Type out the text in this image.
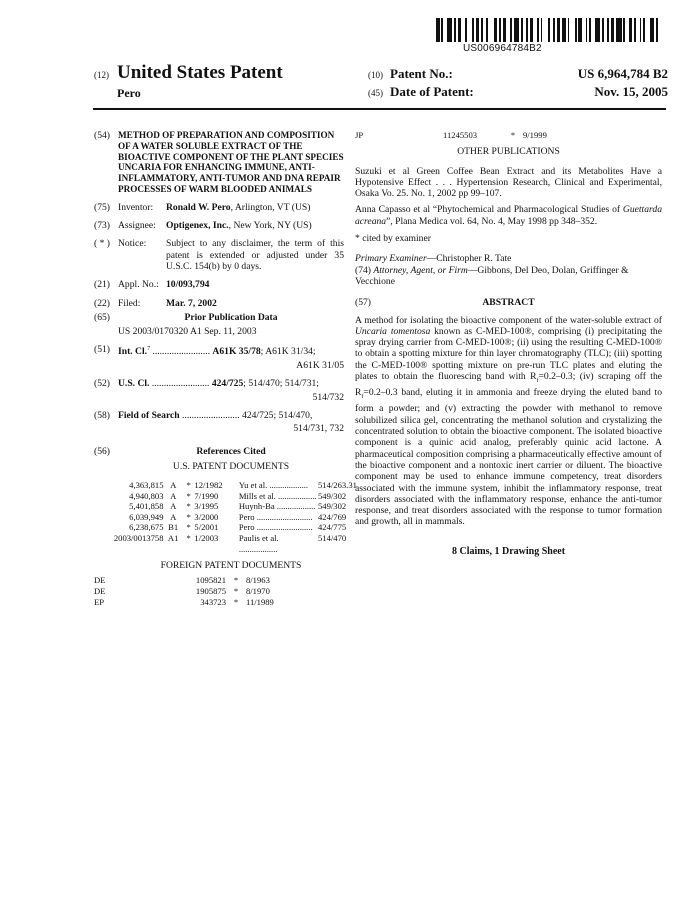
US006964784B2
(12) United States Patent
Pero
(10) Patent No.:	US 6,964,784 B2
(45) Date of Patent:	Nov. 15, 2005
(54) METHOD OF PREPARATION AND COMPOSITION OF A WATER SOLUBLE EXTRACT OF THE BIOACTIVE COMPONENT OF THE PLANT SPECIES UNCARIA FOR ENHANCING IMMUNE, ANTI-INFLAMMATORY, ANTI-TUMOR AND DNA REPAIR PROCESSES OF WARM BLOODED ANIMALS
(75) Inventor:	Ronald W. Pero, Arlington, VT (US)
(73) Assignee:	Optigenex, Inc., New York, NY (US)
( * ) Notice:	Subject to any disclaimer, the term of this patent is extended or adjusted under 35 U.S.C. 154(b) by 0 days.
(21) Appl. No.: 10/093,794
(22) Filed:	Mar. 7, 2002
(65)	Prior Publication Data
US 2003/0170320 A1 Sep. 11, 2003
(51) Int. Cl.$^7$ ........................ A61K 35/78; A61K 31/34;
A61K 31/05
(52) U.S. Cl. ........................ 424/725; 514/470; 514/731;
514/732
(58) Field of Search ........................ 424/725; 514/470,
514/731, 732
(56)	References Cited
U.S. PATENT DOCUMENTS
4,363,815 A	* 12/1982	Yu et al. ..................	514/263.31
4,940,803 A	* 7/1990	Mills et al. .................. 549/302
5,401,858 A	* 3/1995	Huynh-Ba .................. 549/302
6,039,949 A	* 3/2000	Pero .......................... 424/769
6,238,675 B1 * 5/2001	Pero .......................... 424/775
2003/0013758 A1 * 1/2003	Paulis et al. ..................
514/470
FOREIGN PATENT DOCUMENTS
DE	1095821 * 8/1963
DE	1905875 * 8/1970
EP	343723 * 11/1989
JP	11245503	* 9/1999
OTHER PUBLICATIONS
Suzuki et al Green Coffee Bean Extract and its Metabolites Have a Hypotensive Effect . . . Hypertension Research, Clinical and Experimental, Osaka Vo. 25. No. 1, 2002 pp 99–107.
Anna Capasso et al “Phytochemical and Pharmacological Studies of Guettarda acreana”, Plana Medica vol. 64, No. 4, May 1998 pp 348–352.
* cited by examiner
Primary Examiner—Christopher R. Tate
(74) Attorney, Agent, or Firm—Gibbons, Del Deo, Dolan, Griffinger & Vecchione
(57)	ABSTRACT
A method for isolating the bioactive component of the water-soluble extract of Uncaria tomentosa known as C-MED-100®, comprising (i) precipitating the spray drying carrier from C-MED-100®; (ii) using the resulting C-MED-100® to obtain a spotting mixture for thin layer chromatography (TLC); (iii) spotting the C-MED-100® spotting mixture on pre-run TLC plates and eluting the plates to obtain the fluorescing band with $R_f=0.2-0.3$; (iv) scraping off the $R_f=0.2-0.3$ band, eluting it in ammonia and freeze drying the eluted band to form a powder; and (v) extracting the powder with methanol to remove solubilized silica gel, concentrating the methanol solution and crystalizing the concentrated solution to obtain the bioactive component. The isolated bioactive component is a quinic acid analog, preferably quinic acid lactone. A pharmaceutical composition comprising a pharmaceutically effective amount of the bioactive component and a nontoxic inert carrier or diluent. The bioactive component may be used to enhance immune competency, treat disorders associated with the immune system, inhibit the inflammatory response, treat disorders associated with the inflammatory response, enhance the anti-tumor response, and treat disorders associated with the response to tumor formation and growth, all in mammals.
8 Claims, 1 Drawing Sheet
